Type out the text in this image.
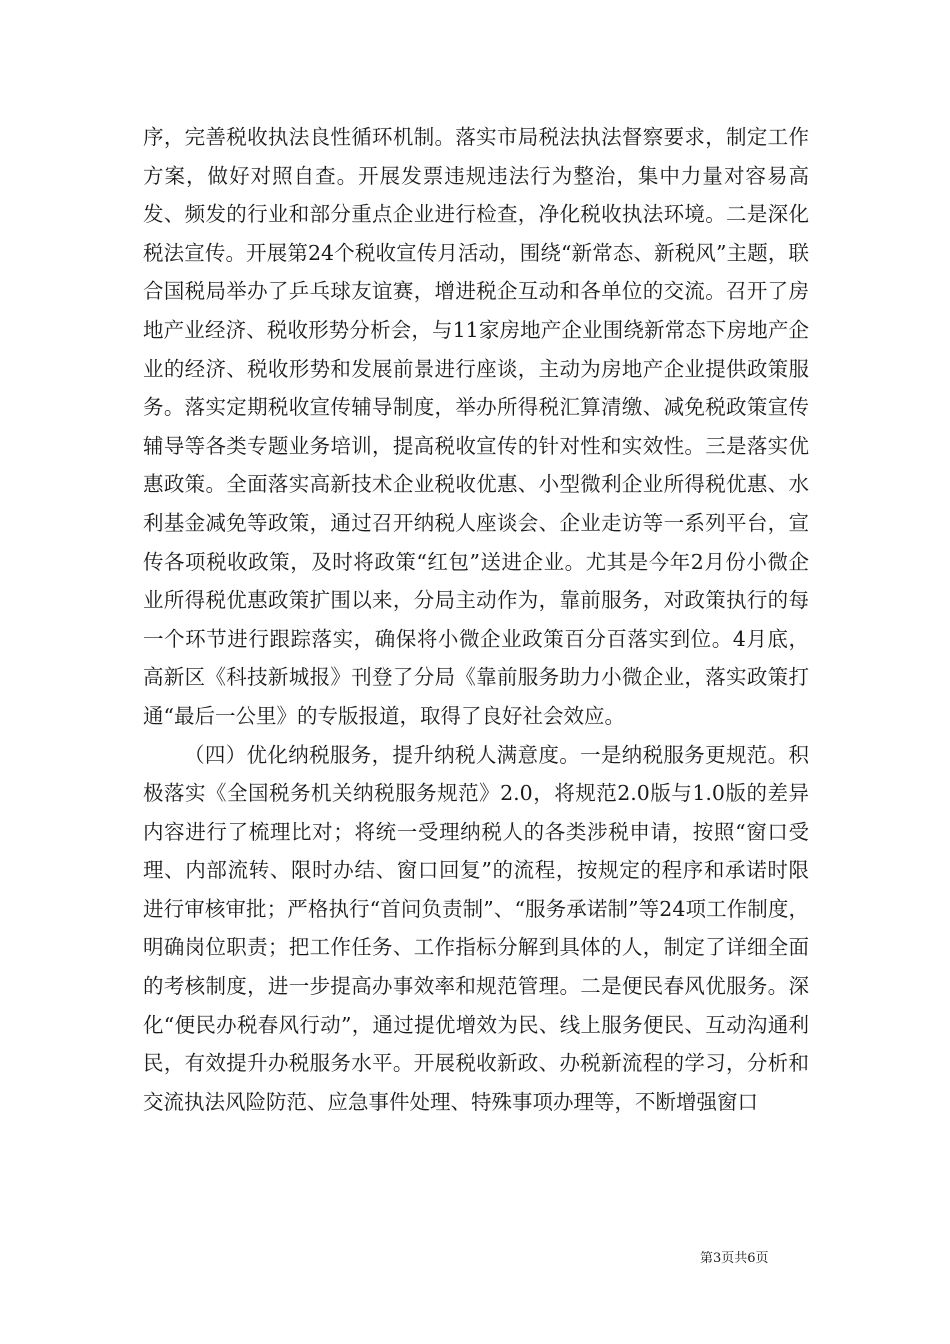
序，完善税收执法良性循环机制。落实市局税法执法督察要求，制定工作方案，做好对照自查。开展发票违规违法行为整治，集中力量对容易高发、频发的行业和部分重点企业进行检查，净化税收执法环境。二是深化税法宣传。开展第24个税收宣传月活动，围绕“新常态、新税风”主题，联合国税局举办了乒乓球友谊赛，增进税企互动和各单位的交流。召开了房地产业经济、税收形势分析会，与11家房地产企业围绕新常态下房地产企业的经济、税收形势和发展前景进行座谈，主动为房地产企业提供政策服务。落实定期税收宣传辅导制度，举办所得税汇算清缴、减免税政策宣传辅导等各类专题业务培训，提高税收宣传的针对性和实效性。三是落实优惠政策。全面落实高新技术企业税收优惠、小型微利企业所得税优惠、水利基金减免等政策，通过召开纳税人座谈会、企业走访等一系列平台，宣传各项税收政策，及时将政策“红包”送进企业。尤其是今年2月份小微企业所得税优惠政策扩围以来，分局主动作为，靠前服务，对政策执行的每一个环节进行跟踪落实，确保将小微企业政策百分百落实到位。4月底，高新区《科技新城报》刊登了分局《靠前服务助力小微企业，落实政策打通“最后一公里》的专版报道，取得了良好社会效应。

（四）优化纳税服务，提升纳税人满意度。一是纳税服务更规范。积极落实《全国税务机关纳税服务规范》2.0，将规范2.0版与1.0版的差异内容进行了梳理比对；将统一受理纳税人的各类涉税申请，按照“窗口受理、内部流转、限时办结、窗口回复”的流程，按规定的程序和承诺时限进行审核审批；严格执行“首问负责制”、“服务承诺制”等24项工作制度，明确岗位职责；把工作任务、工作指标分解到具体的人，制定了详细全面的考核制度，进一步提高办事效率和规范管理。二是便民春风优服务。深化“便民办税春风行动”，通过提优增效为民、线上服务便民、互动沟通利民，有效提升办税服务水平。开展税收新政、办税新流程的学习，分析和交流执法风险防范、应急事件处理、特殊事项办理等，不断增强窗口

第3页共6页
